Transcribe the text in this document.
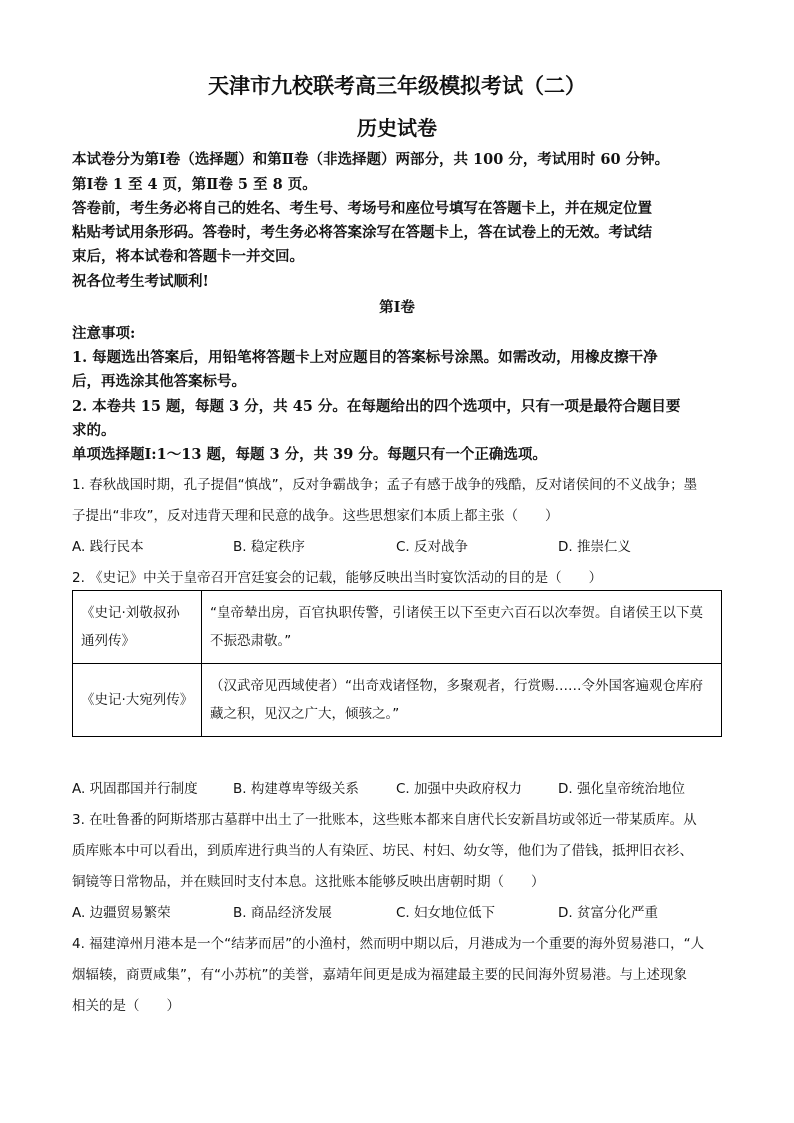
天津市九校联考高三年级模拟考试（二）
历史试卷
本试卷分为第Ⅰ卷（选择题）和第Ⅱ卷（非选择题）两部分，共 100 分，考试用时 60 分钟。
第Ⅰ卷 1 至 4 页，第Ⅱ卷 5 至 8 页。
答卷前，考生务必将自己的姓名、考生号、考场号和座位号填写在答题卡上，并在规定位置
粘贴考试用条形码。答卷时，考生务必将答案涂写在答题卡上，答在试卷上的无效。考试结
束后，将本试卷和答题卡一并交回。
祝各位考生考试顺利!
第Ⅰ卷
注意事项:
1. 每题选出答案后，用铅笔将答题卡上对应题目的答案标号涂黑。如需改动，用橡皮擦干净
后，再选涂其他答案标号。
2. 本卷共 15 题，每题 3 分，共 45 分。在每题给出的四个选项中，只有一项是最符合题目要
求的。
单项选择题Ⅰ:1～13 题，每题 3 分，共 39 分。每题只有一个正确选项。
1. 春秋战国时期，孔子提倡“慎战”，反对争霸战争；孟子有感于战争的残酷，反对诸侯间的不义战争；墨
子提出“非攻”，反对违背天理和民意的战争。这些思想家们本质上都主张（　　）
A. 践行民本	B. 稳定秩序	C. 反对战争	D. 推崇仁义
2. 《史记》中关于皇帝召开宫廷宴会的记载，能够反映出当时宴饮活动的目的是（　　）
《史记·刘敬叔孙通列传》	“皇帝辇出房，百官执职传警，引诸侯王以下至吏六百石以次奉贺。自诸侯王以下莫不振恐肃敬。”
《史记·大宛列传》	（汉武帝见西域使者）“出奇戏诸怪物，多聚观者，行赏赐……令外国客遍观仓库府藏之积，见汉之广大，倾骇之。”
A. 巩固郡国并行制度	B. 构建尊卑等级关系	C. 加强中央政府权力	D. 强化皇帝统治地位
3. 在吐鲁番的阿斯塔那古墓群中出土了一批账本，这些账本都来自唐代长安新昌坊或邻近一带某质库。从
质库账本中可以看出，到质库进行典当的人有染匠、坊民、村妇、幼女等，他们为了借钱，抵押旧衣衫、
铜镜等日常物品，并在赎回时支付本息。这批账本能够反映出唐朝时期（　　）
A. 边疆贸易繁荣	B. 商品经济发展	C. 妇女地位低下	D. 贫富分化严重
4. 福建漳州月港本是一个“结茅而居”的小渔村，然而明中期以后，月港成为一个重要的海外贸易港口，“人
烟辐辏，商贾咸集”，有“小苏杭”的美誉，嘉靖年间更是成为福建最主要的民间海外贸易港。与上述现象
相关的是（　　）
